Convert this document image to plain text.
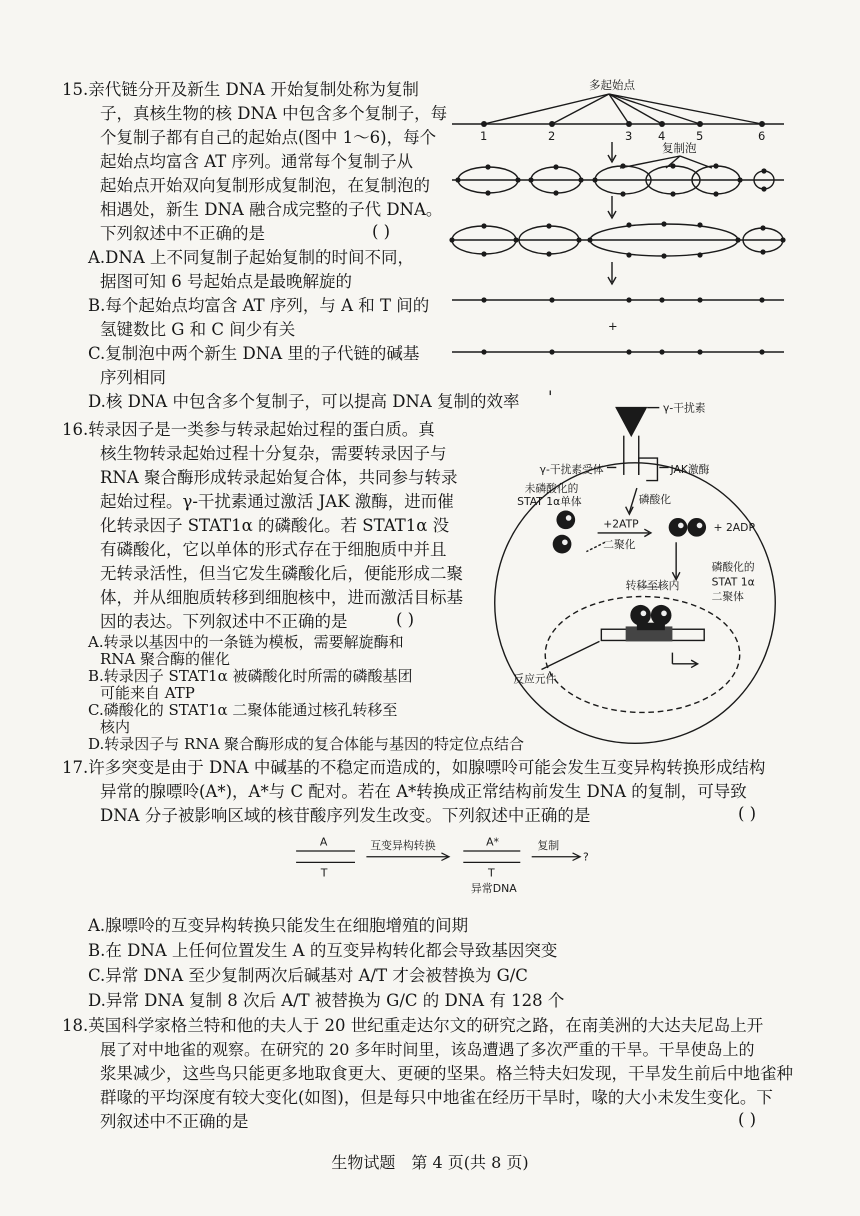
15.亲代链分开及新生 DNA 开始复制处称为复制
子，真核生物的核 DNA 中包含多个复制子，每
个复制子都有自己的起始点(图中 1～6)，每个
起始点均富含 AT 序列。通常每个复制子从
起始点开始双向复制形成复制泡，在复制泡的
相遇处，新生 DNA 融合成完整的子代 DNA。
下列叙述中不正确的是	( )
A.DNA 上不同复制子起始复制的时间不同，
据图可知 6 号起始点是最晚解旋的
B.每个起始点均富含 AT 序列，与 A 和 T 间的
氢键数比 G 和 C 间少有关
C.复制泡中两个新生 DNA 里的子代链的碱基
序列相同
D.核 DNA 中包含多个复制子，可以提高 DNA 复制的效率 '
多起始点
1	2	3 4	5	6
复制泡
+
16.转录因子是一类参与转录起始过程的蛋白质。真
核生物转录起始过程十分复杂，需要转录因子与
RNA 聚合酶形成转录起始复合体，共同参与转录
起始过程。γ-干扰素通过激活 JAK 激酶，进而催
化转录因子 STAT1α 的磷酸化。若 STAT1α 没
有磷酸化，它以单体的形式存在于细胞质中并且
无转录活性，但当它发生磷酸化后，便能形成二聚
体，并从细胞质转移到细胞核中，进而激活目标基
因的表达。下列叙述中不正确的是	( )
A.转录以基因中的一条链为模板，需要解旋酶和
RNA 聚合酶的催化
B.转录因子 STAT1α 被磷酸化时所需的磷酸基团
可能来自 ATP
C.磷酸化的 STAT1α 二聚体能通过核孔转移至
核内
D.转录因子与 RNA 聚合酶形成的复合体能与基因的特定位点结合
γ-干扰素
γ-干扰素受体	JAK激酶
未磷酸化的
STAT 1α单体	磷酸化
+2ATP
二聚化
+ 2ADP
转移至核内
磷酸化的
STAT 1α
二聚体
反应元件
17.许多突变是由于 DNA 中碱基的不稳定而造成的，如腺嘌呤可能会发生互变异构转换形成结构
异常的腺嘌呤(A*)，A*与 C 配对。若在 A*转换成正常结构前发生 DNA 的复制，可导致
DNA 分子被影响区域的核苷酸序列发生改变。下列叙述中正确的是	( )
A
T
互变异构转换	A*
T
复制
?
异常DNA
A.腺嘌呤的互变异构转换只能发生在细胞增殖的间期
B.在 DNA 上任何位置发生 A 的互变异构转化都会导致基因突变
C.异常 DNA 至少复制两次后碱基对 A/T 才会被替换为 G/C
D.异常 DNA 复制 8 次后 A/T 被替换为 G/C 的 DNA 有 128 个
18.英国科学家格兰特和他的夫人于 20 世纪重走达尔文的研究之路，在南美洲的大达夫尼岛上开
展了对中地雀的观察。在研究的 20 多年时间里，该岛遭遇了多次严重的干旱。干旱使岛上的
生物试题　第 4 页(共 8 页)
浆果减少，这些鸟只能更多地取食更大、更硬的坚果。格兰特夫妇发现，干旱发生前后中地雀种
群喙的平均深度有较大变化(如图)，但是每只中地雀在经历干旱时，喙的大小未发生变化。下
列叙述中不正确的是	( )
